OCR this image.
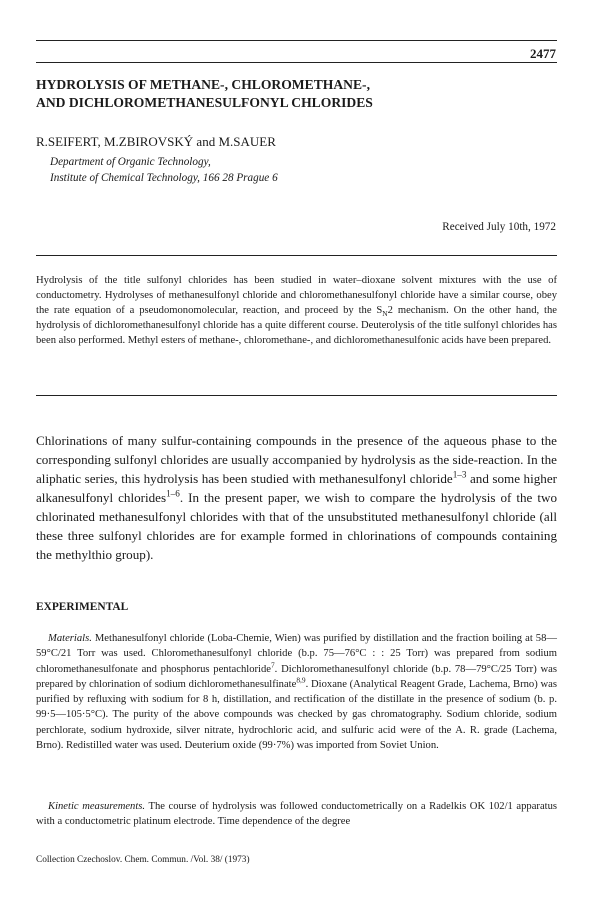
2477
HYDROLYSIS OF METHANE-, CHLOROMETHANE-,
AND DICHLOROMETHANESULFONYL CHLORIDES
R.SEIFERT, M.ZBIROVSKÝ and M.SAUER
Department of Organic Technology,
Institute of Chemical Technology, 166 28 Prague 6
Received July 10th, 1972

Hydrolysis of the title sulfonyl chlorides has been studied in water–dioxane solvent mixtures with the use of conductometry. Hydrolyses of methanesulfonyl chloride and chloromethanesulfonyl chloride have a similar course, obey the rate equation of a pseudomonomolecular, reaction, and proceed by the $S_N2$ mechanism. On the other hand, the hydrolysis of dichloromethanesulfonyl chloride has a quite different course. Deuterolysis of the title sulfonyl chlorides has been also performed. Methyl esters of methane-, chloromethane-, and dichloromethanesulfonic acids have been prepared.

Chlorinations of many sulfur-containing compounds in the presence of the aqueous phase to the corresponding sulfonyl chlorides are usually accompanied by hydrolysis as the side-reaction. In the aliphatic series, this hydrolysis has been studied with methanesulfonyl chloride$^{1-3}$ and some higher alkanesulfonyl chlorides$^{1-6}$. In the present paper, we wish to compare the hydrolysis of the two chlorinated methanesulfonyl chlorides with that of the unsubstituted methanesulfonyl chloride (all these three sulfonyl chlorides are for example formed in chlorinations of compounds containing the methylthio group).

EXPERIMENTAL

Materials. Methanesulfonyl chloride (Loba-Chemie, Wien) was purified by distillation and the fraction boiling at 58—59°C/21 Torr was used. Chloromethanesulfonyl chloride (b.p. 75—76°C : : 25 Torr) was prepared from sodium chloromethanesulfonate and phosphorus pentachloride$^7$. Dichloromethanesulfonyl chloride (b.p. 78—79°C/25 Torr) was prepared by chlorination of sodium dichloromethanesulfinate$^{8,9}$. Dioxane (Analytical Reagent Grade, Lachema, Brno) was purified by refluxing with sodium for 8 h, distillation, and rectification of the distillate in the presence of sodium (b. p. 99·5—105·5°C). The purity of the above compounds was checked by gas chromatography. Sodium chloride, sodium perchlorate, sodium hydroxide, silver nitrate, hydrochloric acid, and sulfuric acid were of the A. R. grade (Lachema, Brno). Redistilled water was used. Deuterium oxide (99·7%) was imported from Soviet Union.

Kinetic measurements. The course of hydrolysis was followed conductometrically on a Radelkis OK 102/1 apparatus with a conductometric platinum electrode. Time dependence of the degree

Collection Czechoslov. Chem. Commun. /Vol. 38/ (1973)
